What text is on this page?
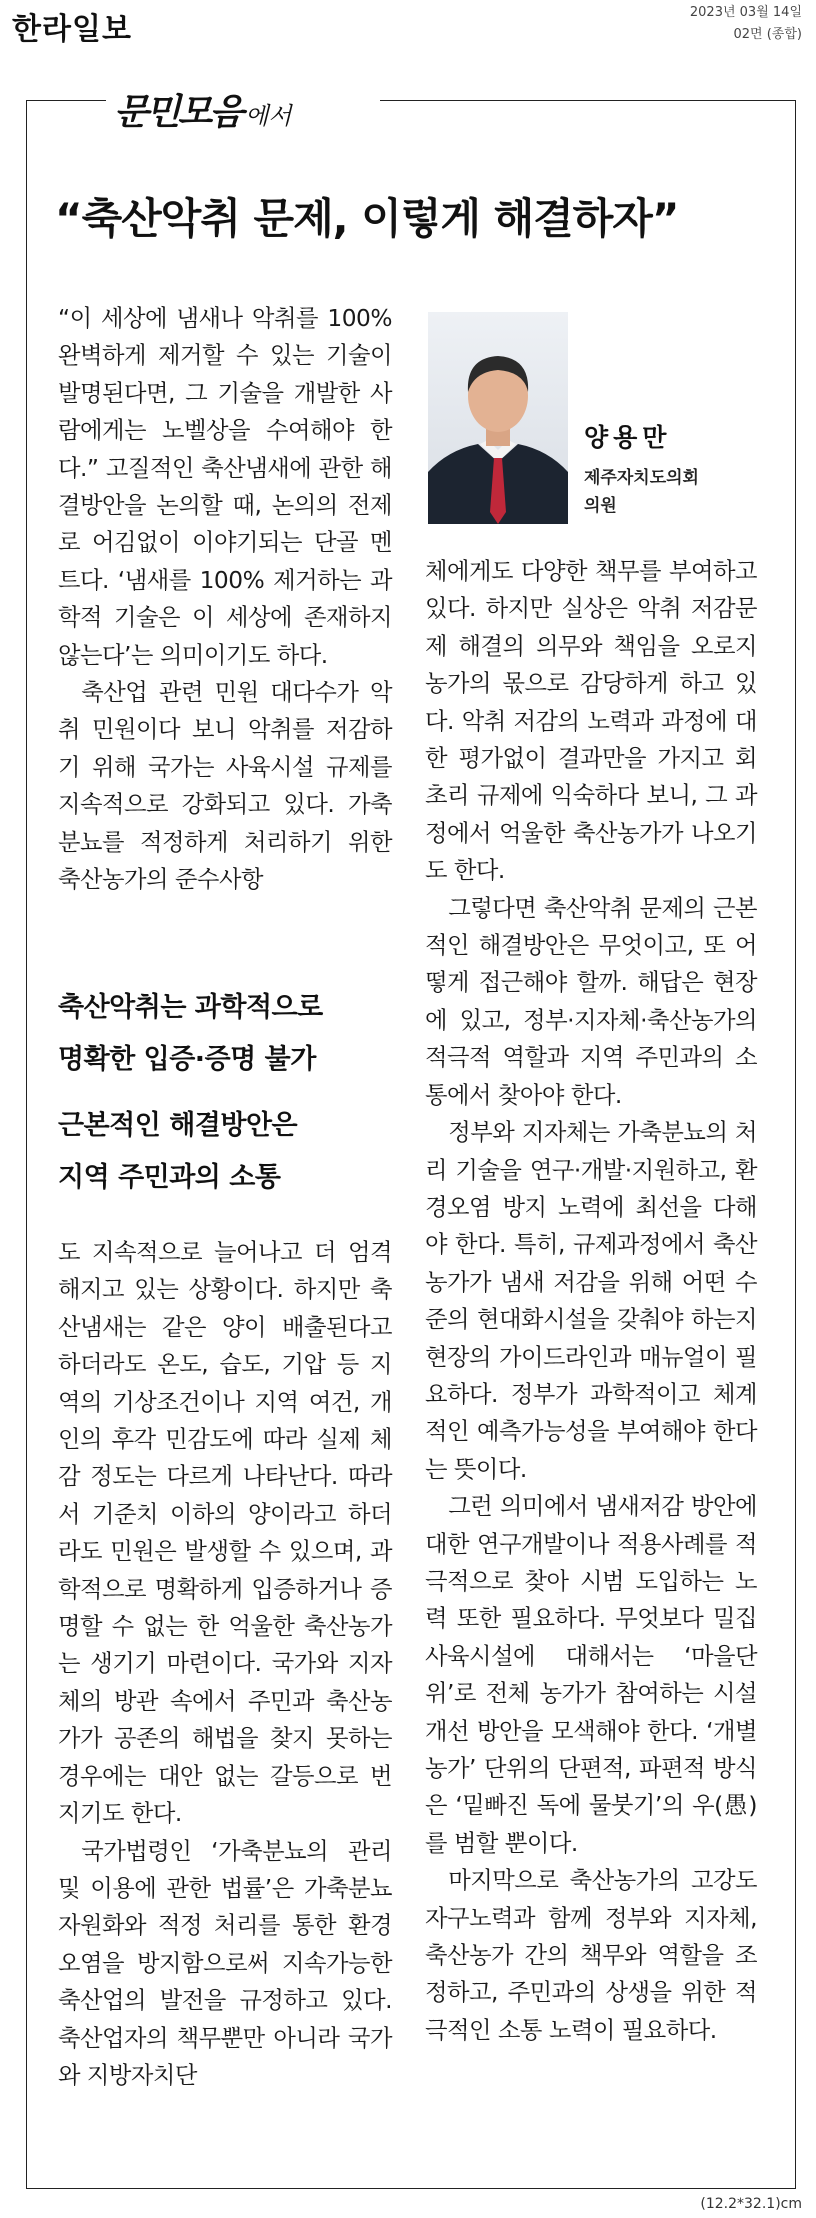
한라일보	2023년 03월 14일
02면 (종합)
문민모음 에서
“축산악취 문제, 이렇게 해결하자”

“이 세상에 냄새나 악취를 100% 완벽하게 제거할 수 있는 기술이 발명된다면, 그 기술을 개발한 사람에게는 노벨상을 수여해야 한다.” 고질적인 축산냄새에 관한 해결방안을 논의할 때, 논의의 전제로 어김없이 이야기되는 단골 멘트다. ‘냄새를 100% 제거하는 과학적 기술은 이 세상에 존재하지 않는다’는 의미이기도 하다.

축산업 관련 민원 대다수가 악취 민원이다 보니 악취를 저감하기 위해 국가는 사육시설 규제를 지속적으로 강화되고 있다. 가축분뇨를 적정하게 처리하기 위한 축산농가의 준수사항

축산악취는 과학적으로
명확한 입증·증명 불가
근본적인 해결방안은
지역 주민과의 소통

도 지속적으로 늘어나고 더 엄격해지고 있는 상황이다. 하지만 축산냄새는 같은 양이 배출된다고 하더라도 온도, 습도, 기압 등 지역의 기상조건이나 지역 여건, 개인의 후각 민감도에 따라 실제 체감 정도는 다르게 나타난다. 따라서 기준치 이하의 양이라고 하더라도 민원은 발생할 수 있으며, 과학적으로 명확하게 입증하거나 증명할 수 없는 한 억울한 축산농가는 생기기 마련이다. 국가와 지자체의 방관 속에서 주민과 축산농가가 공존의 해법을 찾지 못하는 경우에는 대안 없는 갈등으로 번지기도 한다.

국가법령인 ‘가축분뇨의 관리 및 이용에 관한 법률’은 가축분뇨 자원화와 적정 처리를 통한 환경오염을 방지함으로써 지속가능한 축산업의 발전을 규정하고 있다. 축산업자의 책무뿐만 아니라 국가와 지방자치단

양용만
제주자치도의회
의원

체에게도 다양한 책무를 부여하고 있다. 하지만 실상은 악취 저감문제 해결의 의무와 책임을 오로지 농가의 몫으로 감당하게 하고 있다. 악취 저감의 노력과 과정에 대한 평가없이 결과만을 가지고 회초리 규제에 익숙하다 보니, 그 과정에서 억울한 축산농가가 나오기도 한다.

그렇다면 축산악취 문제의 근본적인 해결방안은 무엇이고, 또 어떻게 접근해야 할까. 해답은 현장에 있고, 정부·지자체·축산농가의 적극적 역할과 지역 주민과의 소통에서 찾아야 한다.

정부와 지자체는 가축분뇨의 처리 기술을 연구·개발·지원하고, 환경오염 방지 노력에 최선을 다해야 한다. 특히, 규제과정에서 축산농가가 냄새 저감을 위해 어떤 수준의 현대화시설을 갖춰야 하는지 현장의 가이드라인과 매뉴얼이 필요하다. 정부가 과학적이고 체계적인 예측가능성을 부여해야 한다는 뜻이다.

그런 의미에서 냄새저감 방안에 대한 연구개발이나 적용사례를 적극적으로 찾아 시범 도입하는 노력 또한 필요하다. 무엇보다 밀집사육시설에 대해서는 ‘마을단위’로 전체 농가가 참여하는 시설 개선 방안을 모색해야 한다. ‘개별농가’ 단위의 단편적, 파편적 방식은 ‘밑빠진 독에 물붓기’의 우(愚)를 범할 뿐이다.

마지막으로 축산농가의 고강도 자구노력과 함께 정부와 지자체, 축산농가 간의 책무와 역할을 조정하고, 주민과의 상생을 위한 적극적인 소통 노력이 필요하다.

(12.2*32.1)cm
